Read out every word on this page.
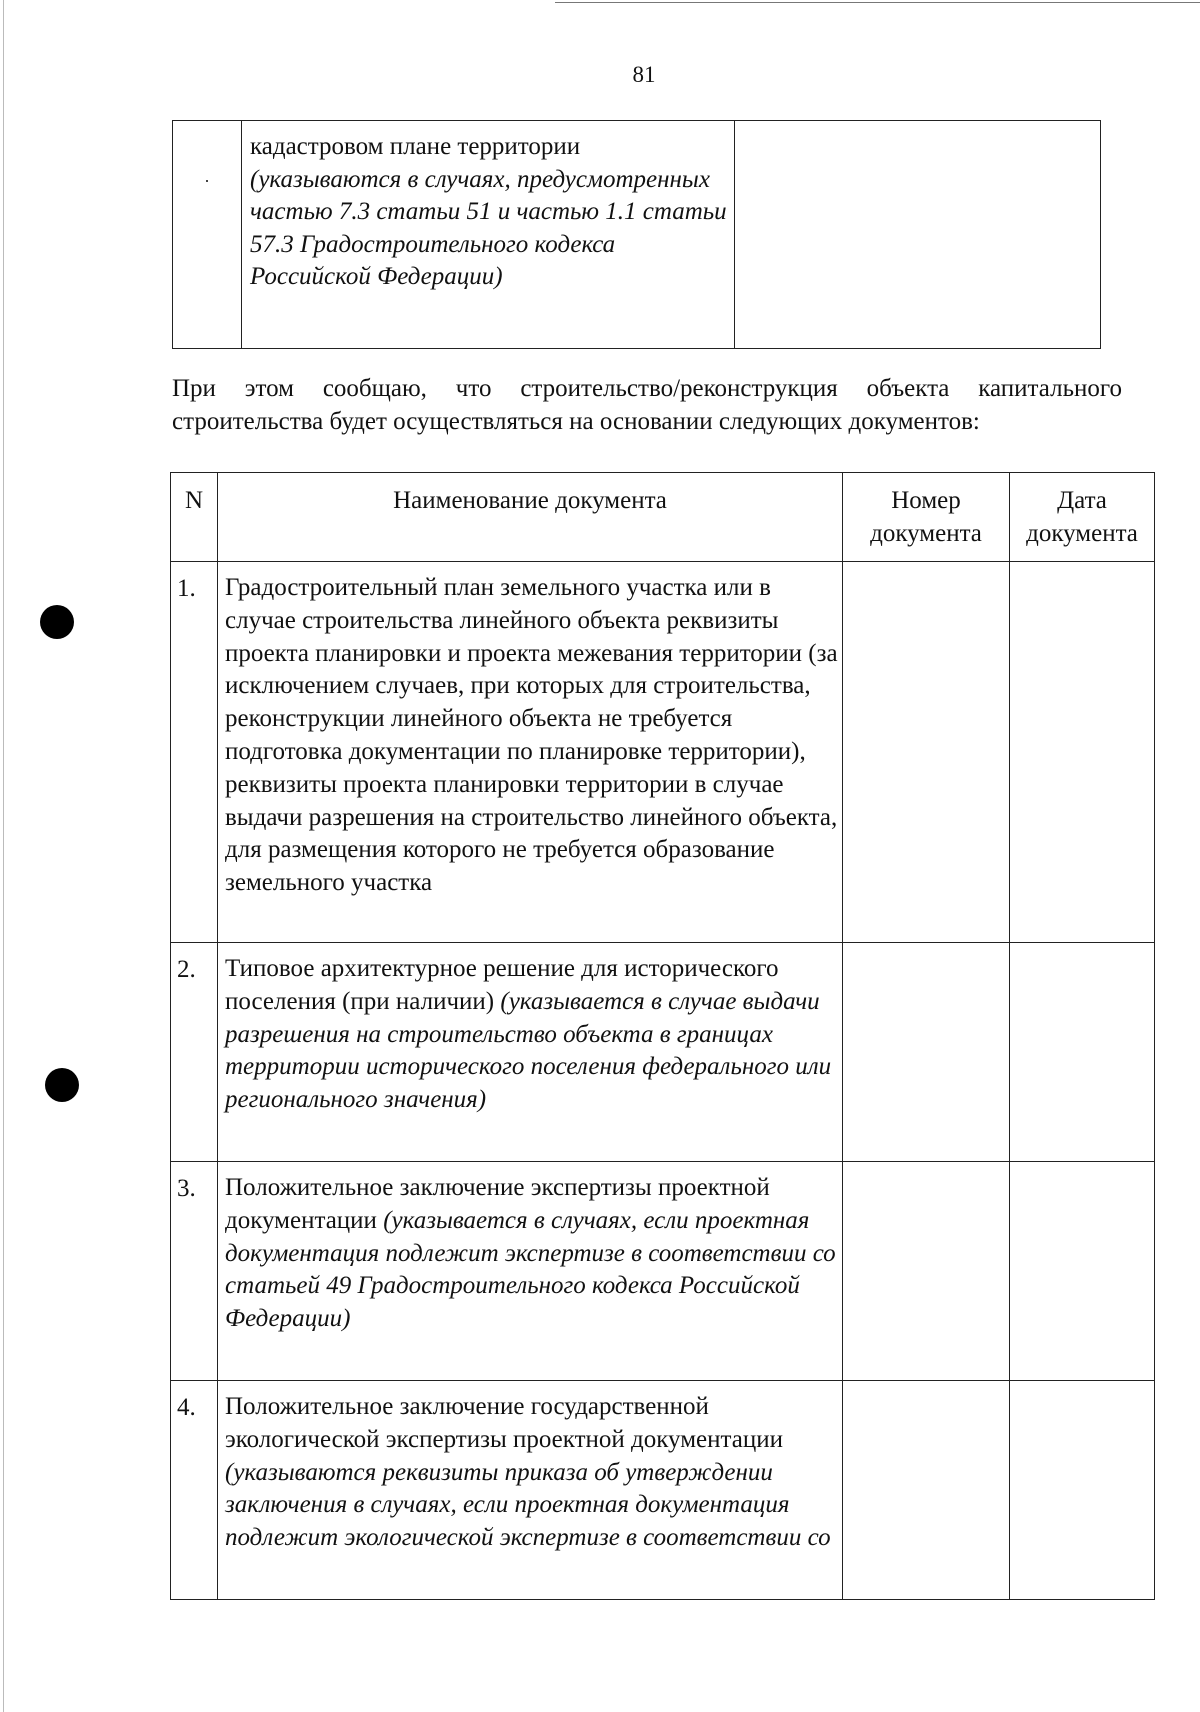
81
	кадастровом плане территории
(указываются в случаях, предусмотренных частью 7.3 статьи 51 и частью 1.1 статьи 57.3 Градостроительного кодекса Российской Федерации)	
При этом сообщаю, что строительство/реконструкция объекта капитального строительства будет осуществляться на основании следующих документов:
N	Наименование документа	Номер документа	Дата документа
1.	Градостроительный план земельного участка или в случае строительства линейного объекта реквизиты проекта планировки и проекта межевания территории (за исключением случаев, при которых для строительства, реконструкции линейного объекта не требуется подготовка документации по планировке территории), реквизиты проекта планировки территории в случае выдачи разрешения на строительство линейного объекта, для размещения которого не требуется образование земельного участка		
2.	Типовое архитектурное решение для исторического поселения (при наличии) (указывается в случае выдачи разрешения на строительство объекта в границах территории исторического поселения федерального или регионального значения)		
3.	Положительное заключение экспертизы проектной документации (указывается в случаях, если проектная документация подлежит экспертизе в соответствии со статьей 49 Градостроительного кодекса Российской Федерации)		
4.	Положительное заключение государственной экологической экспертизы проектной документации (указываются реквизиты приказа об утверждении заключения в случаях, если проектная документация подлежит экологической экспертизе в соответствии со		
